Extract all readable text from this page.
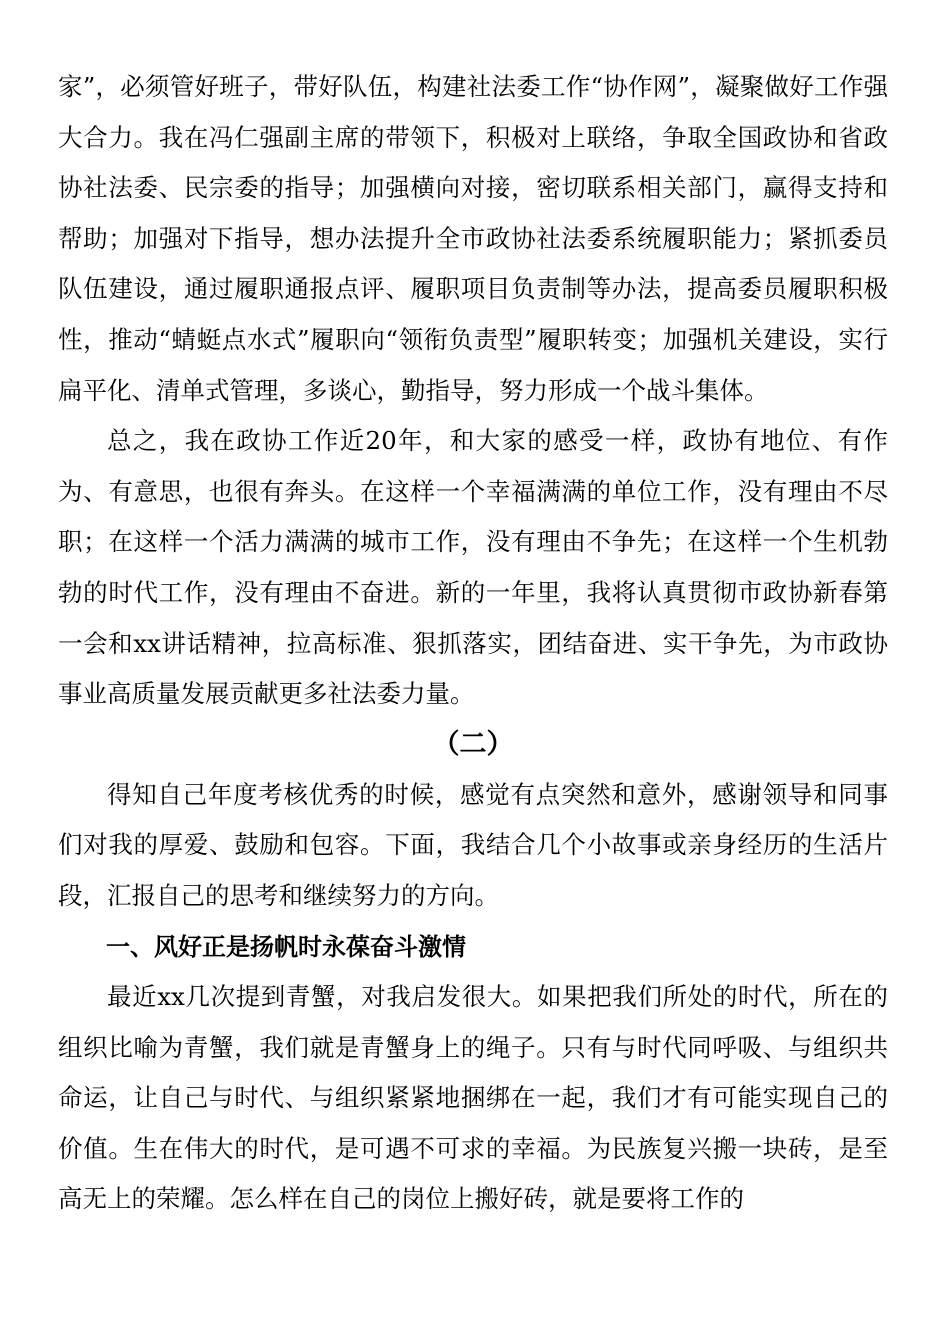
家”，必须管好班子，带好队伍，构建社法委工作“协作网”，凝聚做好工作强大合力。我在冯仁强副主席的带领下，积极对上联络，争取全国政协和省政协社法委、民宗委的指导；加强横向对接，密切联系相关部门，赢得支持和帮助；加强对下指导，想办法提升全市政协社法委系统履职能力；紧抓委员队伍建设，通过履职通报点评、履职项目负责制等办法，提高委员履职积极性，推动“蜻蜓点水式”履职向“领衔负责型”履职转变；加强机关建设，实行扁平化、清单式管理，多谈心，勤指导，努力形成一个战斗集体。

总之，我在政协工作近20年，和大家的感受一样，政协有地位、有作为、有意思，也很有奔头。在这样一个幸福满满的单位工作，没有理由不尽职；在这样一个活力满满的城市工作，没有理由不争先；在这样一个生机勃勃的时代工作，没有理由不奋进。新的一年里，我将认真贯彻市政协新春第一会和xx讲话精神，拉高标准、狠抓落实，团结奋进、实干争先，为市政协事业高质量发展贡献更多社法委力量。

（二）

得知自己年度考核优秀的时候，感觉有点突然和意外，感谢领导和同事们对我的厚爱、鼓励和包容。下面，我结合几个小故事或亲身经历的生活片段，汇报自己的思考和继续努力的方向。

一、风好正是扬帆时永葆奋斗激情

最近xx几次提到青蟹，对我启发很大。如果把我们所处的时代，所在的组织比喻为青蟹，我们就是青蟹身上的绳子。只有与时代同呼吸、与组织共命运，让自己与时代、与组织紧紧地捆绑在一起，我们才有可能实现自己的价值。生在伟大的时代，是可遇不可求的幸福。为民族复兴搬一块砖，是至高无上的荣耀。怎么样在自己的岗位上搬好砖，就是要将工作的
